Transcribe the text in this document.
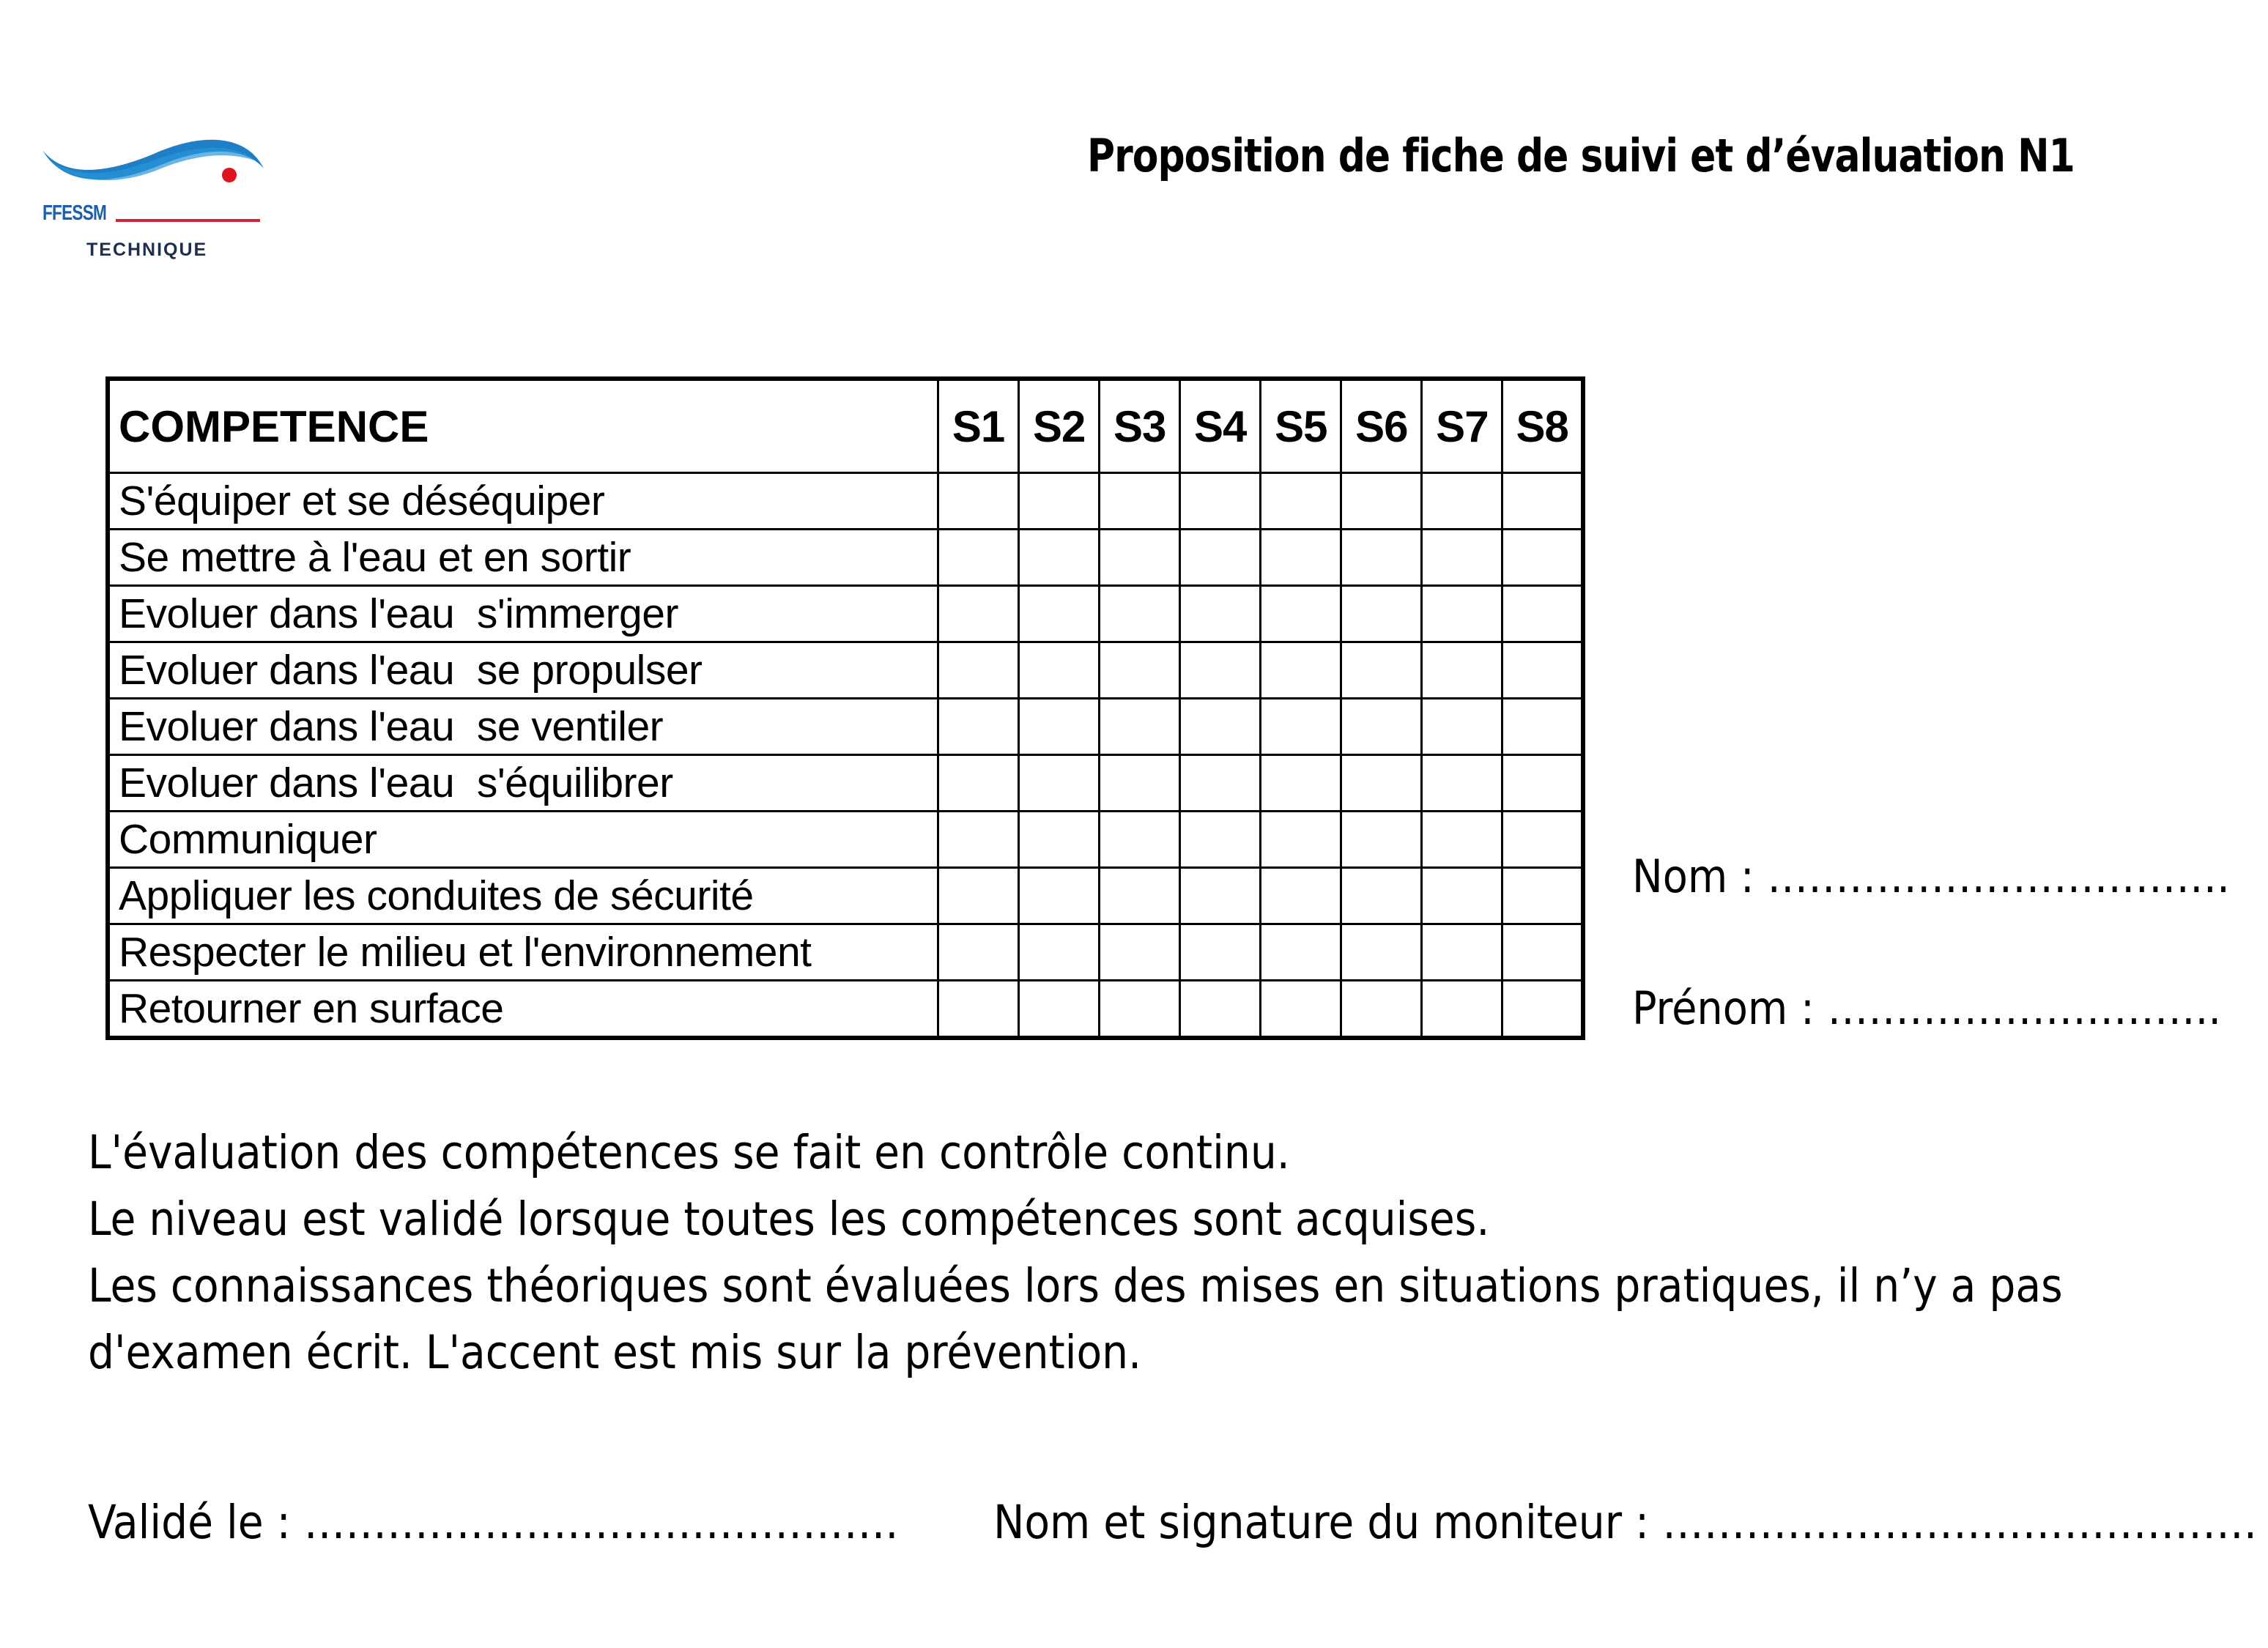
FFESSM
TECHNIQUE
Proposition de fiche de suivi et d’évaluation N1
COMPETENCE	S1	S2	S3	S4	S5	S6	S7	S8
S'équiper et se déséquiper								
Se mettre à l'eau et en sortir								
Evoluer dans l'eau  s'immerger								
Evoluer dans l'eau  se propulser								
Evoluer dans l'eau  se ventiler								
Evoluer dans l'eau  s'équilibrer								
Communiquer								
Appliquer les conduites de sécurité								
Respecter le milieu et l'environnement								
Retourner en surface								
Nom : …………………………….
Prénom : ………………………..

L'évaluation des compétences se fait en contrôle continu.

Le niveau est validé lorsque toutes les compétences sont acquises.

Les connaissances théoriques sont évaluées lors des mises en situations pratiques, il n’y a pas d'examen écrit. L'accent est mis sur la prévention.

Validé le : ……………………………………. Nom et signature du moniteur : …………………………………….
